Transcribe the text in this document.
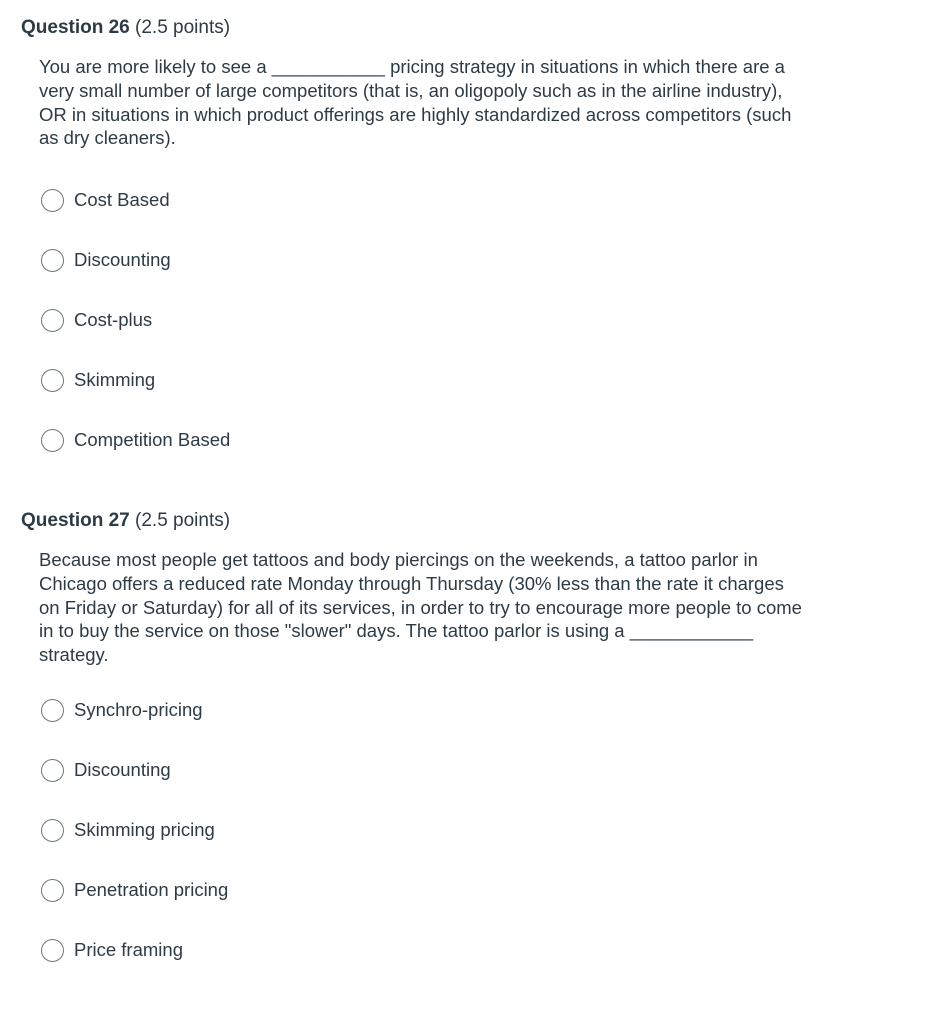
Question 26 (2.5 points)
You are more likely to see a ___________ pricing strategy in situations in which there are a very small number of large competitors (that is, an oligopoly such as in the airline industry), OR in situations in which product offerings are highly standardized across competitors (such as dry cleaners).
Cost Based
Discounting
Cost-plus
Skimming
Competition Based
Question 27 (2.5 points)
Because most people get tattoos and body piercings on the weekends, a tattoo parlor in Chicago offers a reduced rate Monday through Thursday (30% less than the rate it charges on Friday or Saturday) for all of its services, in order to try to encourage more people to come in to buy the service on those "slower" days. The tattoo parlor is using a ____________ strategy.
Synchro-pricing
Discounting
Skimming pricing
Penetration pricing
Price framing
